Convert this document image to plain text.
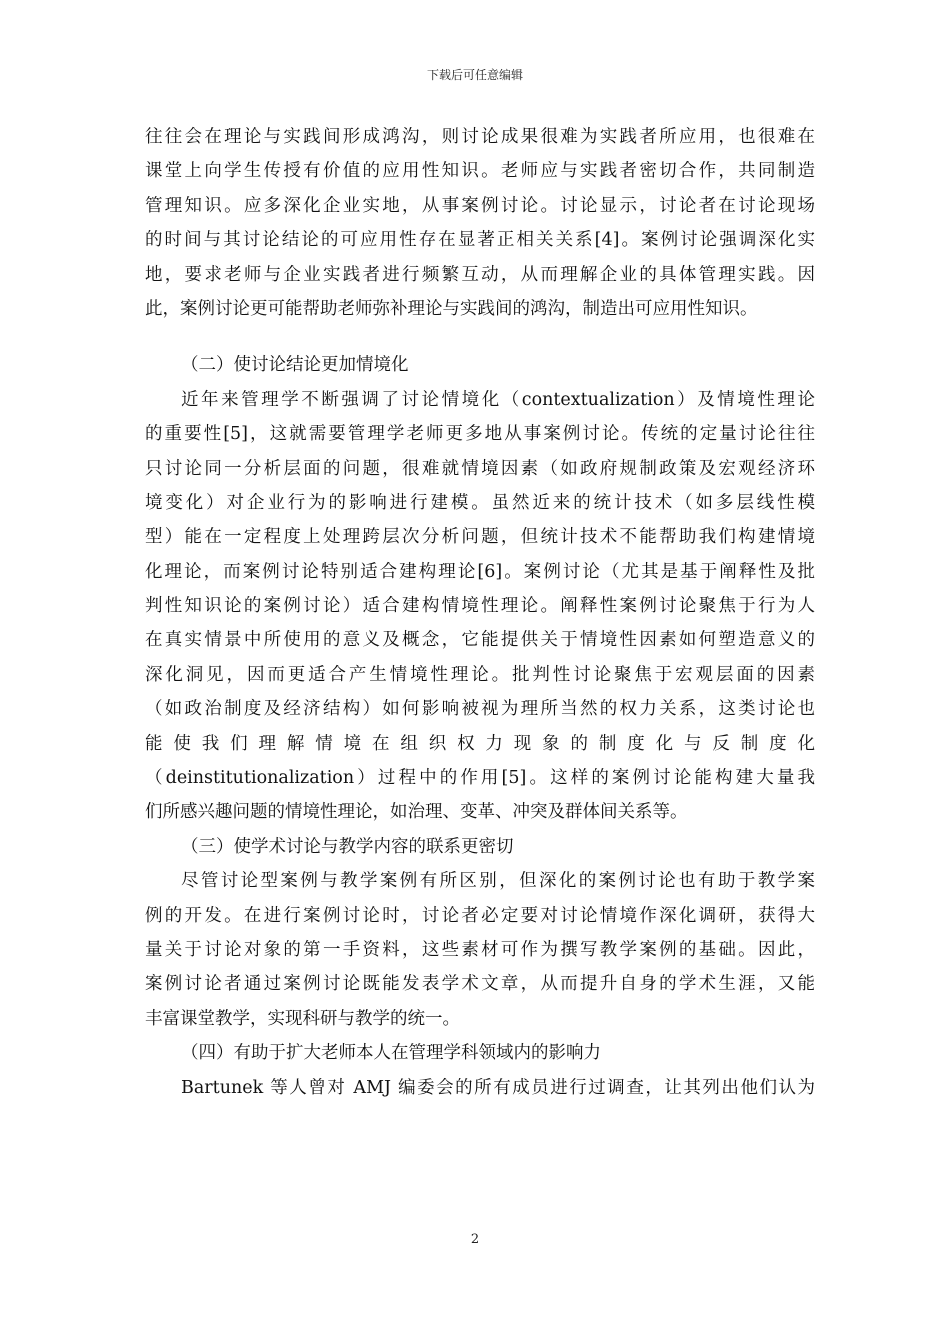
下载后可任意编辑
往往会在理论与实践间形成鸿沟，则讨论成果很难为实践者所应用，也很难在
课堂上向学生传授有价值的应用性知识。老师应与实践者密切合作，共同制造
管理知识。应多深化企业实地，从事案例讨论。讨论显示，讨论者在讨论现场
的时间与其讨论结论的可应用性存在显著正相关关系[4]。案例讨论强调深化实
地，要求老师与企业实践者进行频繁互动，从而理解企业的具体管理实践。因
此，案例讨论更可能帮助老师弥补理论与实践间的鸿沟，制造出可应用性知识。
（二）使讨论结论更加情境化
近年来管理学不断强调了讨论情境化（contextualization）及情境性理论
的重要性[5]，这就需要管理学老师更多地从事案例讨论。传统的定量讨论往往
只讨论同一分析层面的问题，很难就情境因素（如政府规制政策及宏观经济环
境变化）对企业行为的影响进行建模。虽然近来的统计技术（如多层线性模
型）能在一定程度上处理跨层次分析问题，但统计技术不能帮助我们构建情境
化理论，而案例讨论特别适合建构理论[6]。案例讨论（尤其是基于阐释性及批
判性知识论的案例讨论）适合建构情境性理论。阐释性案例讨论聚焦于行为人
在真实情景中所使用的意义及概念，它能提供关于情境性因素如何塑造意义的
深化洞见，因而更适合产生情境性理论。批判性讨论聚焦于宏观层面的因素
（如政治制度及经济结构）如何影响被视为理所当然的权力关系，这类讨论也
能使我们理解情境在组织权力现象的制度化与反制度化
（deinstitutionalization）过程中的作用[5]。这样的案例讨论能构建大量我
们所感兴趣问题的情境性理论，如治理、变革、冲突及群体间关系等。
（三）使学术讨论与教学内容的联系更密切
尽管讨论型案例与教学案例有所区别，但深化的案例讨论也有助于教学案
例的开发。在进行案例讨论时，讨论者必定要对讨论情境作深化调研，获得大
量关于讨论对象的第一手资料，这些素材可作为撰写教学案例的基础。因此，
案例讨论者通过案例讨论既能发表学术文章，从而提升自身的学术生涯，又能
丰富课堂教学，实现科研与教学的统一。
（四）有助于扩大老师本人在管理学科领域内的影响力
Bartunek 等人曾对 AMJ 编委会的所有成员进行过调查，让其列出他们认为
2
